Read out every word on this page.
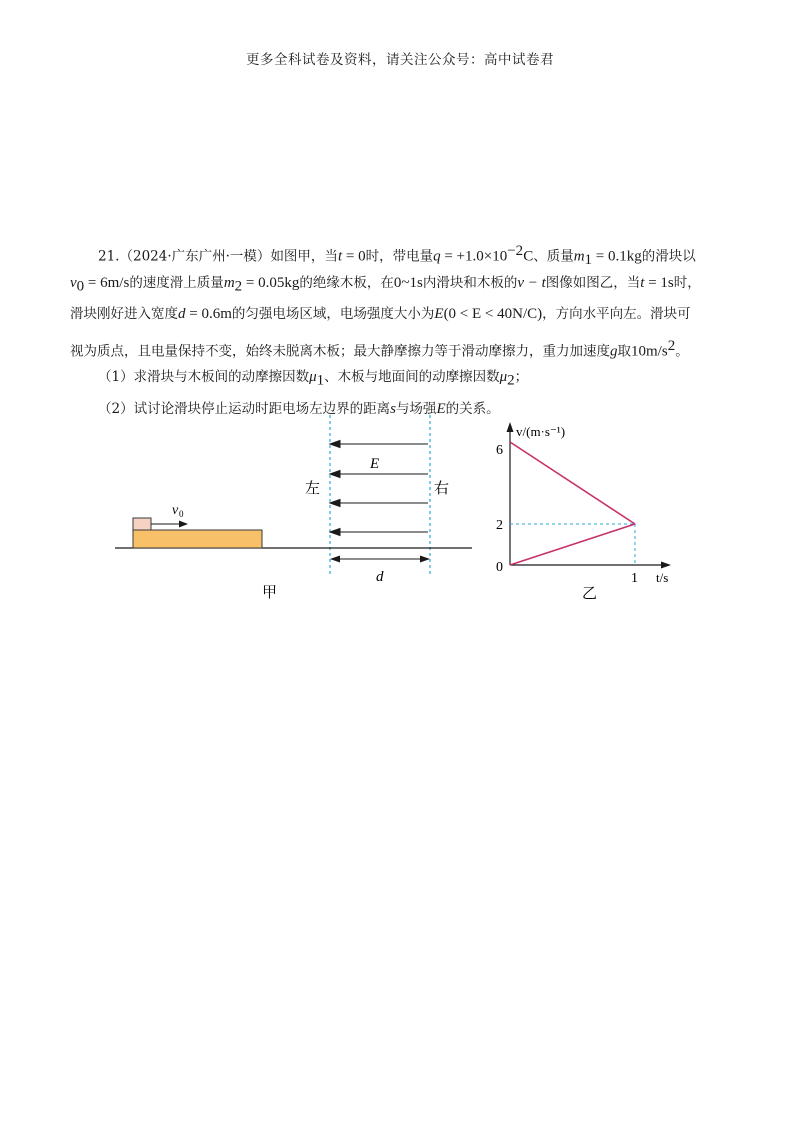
更多全科试卷及资料，请关注公众号：高中试卷君
21.（2024·广东广州·一模）如图甲，当t = 0时，带电量$q = +1.0\times 10^{-2}C$、质量$m_1 = 0.1kg$的滑块以
$v_0 = 6m/s$的速度滑上质量$m_2 = 0.05kg$的绝缘木板，在0~1s内滑块和木板的v − t图像如图乙，当t = 1s时，
滑块刚好进入宽度d = 0.6m的匀强电场区域，电场强度大小为E(0 < E < 40N/C)，方向水平向左。滑块可
视为质点，且电量保持不变，始终未脱离木板；最大静摩擦力等于滑动摩擦力，重力加速度g取$10m/s^2$。
（1）求滑块与木板间的动摩擦因数$\mu_1$、木板与地面间的动摩擦因数$\mu_2$；
（2）试讨论滑块停止运动时距电场左边界的距离s与场强E的关系。
E
左	右
v 0
d
甲
v/(m·s⁻¹)
t/s
6
2
0
1
乙
